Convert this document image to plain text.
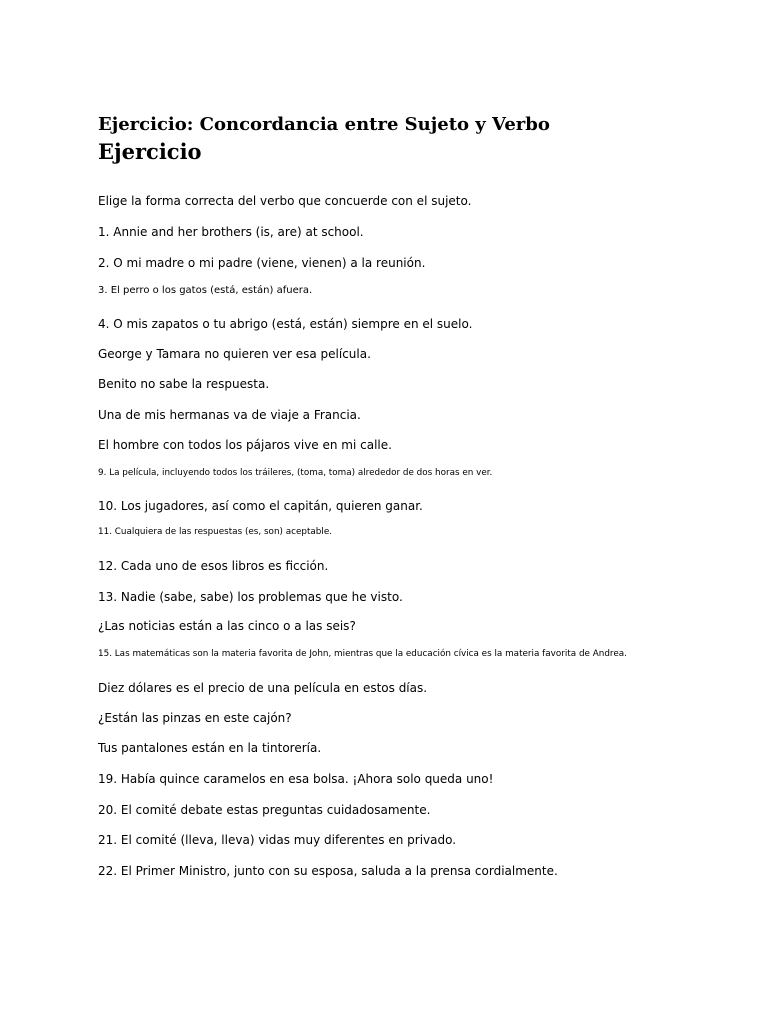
Ejercicio: Concordancia entre Sujeto y Verbo
Ejercicio

Elige la forma correcta del verbo que concuerde con el sujeto.

1. Annie and her brothers (is, are) at school.

2. O mi madre o mi padre (viene, vienen) a la reunión.

3. El perro o los gatos (está, están) afuera.

4. O mis zapatos o tu abrigo (está, están) siempre en el suelo.

George y Tamara no quieren ver esa película.

Benito no sabe la respuesta.

Una de mis hermanas va de viaje a Francia.

El hombre con todos los pájaros vive en mi calle.

9. La película, incluyendo todos los tráileres, (toma, toma) alrededor de dos horas en ver.

10. Los jugadores, así como el capitán, quieren ganar.

11. Cualquiera de las respuestas (es, son) aceptable.

12. Cada uno de esos libros es ficción.

13. Nadie (sabe, sabe) los problemas que he visto.

¿Las noticias están a las cinco o a las seis?

15. Las matemáticas son la materia favorita de John, mientras que la educación cívica es la materia favorita de Andrea.

Diez dólares es el precio de una película en estos días.

¿Están las pinzas en este cajón?

Tus pantalones están en la tintorería.

19. Había quince caramelos en esa bolsa. ¡Ahora solo queda uno!

20. El comité debate estas preguntas cuidadosamente.

21. El comité (lleva, lleva) vidas muy diferentes en privado.

22. El Primer Ministro, junto con su esposa, saluda a la prensa cordialmente.
